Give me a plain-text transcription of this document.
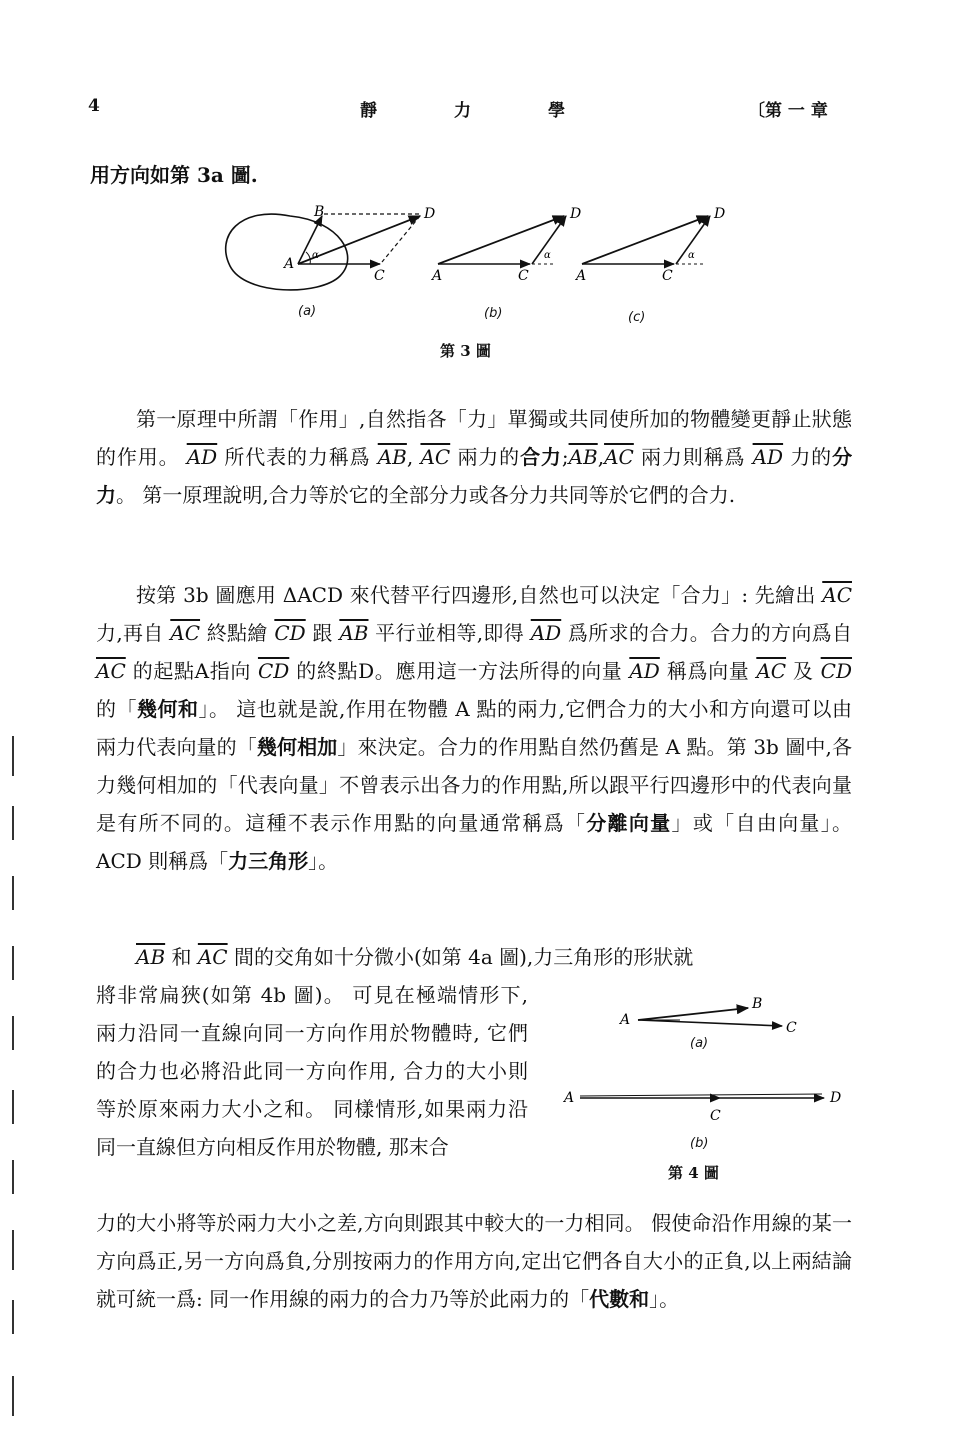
4	靜	力	學	〔第 一 章

用方向如第 3a 圖.

A
B
C
D
α
A	C
D
α
A	C
D
α
(a)	(b)	(c)
第 3 圖

第一原理中所謂「作用」,自然指各「力」單獨或共同使所加的物體變更靜止狀態的作用。 $\overline{AD}$ 所代表的力稱爲 $\overline{AB}$, $\overline{AC}$ 兩力的合力$;\overline{AB},\overline{AC}$ 兩力則稱爲 $\overline{AD}$ 力的分力。 第一原理說明,合力等於它的全部分力或各分力共同等於它們的合力.

按第 3b 圖應用 ΔACD 來代替平行四邊形,自然也可以決定「合力」: 先繪出 $\overline{AC}$ 力,再自 $\overline{AC}$ 終點繪 $\overline{CD}$ 跟 $\overline{AB}$ 平行並相等,即得 $\overline{AD}$ 爲所求的合力。合力的方向爲自 $\overline{AC}$ 的起點A指向 $\overline{CD}$ 的終點D。應用這一方法所得的向量 $\overline{AD}$ 稱爲向量 $\overline{AC}$ 及 $\overline{CD}$ 的「幾何和」。 這也就是說,作用在物體 A 點的兩力,它們合力的大小和方向還可以由兩力代表向量的「幾何相加」來決定。合力的作用點自然仍舊是 A 點。第 3b 圖中,各力幾何相加的「代表向量」不曾表示出各力的作用點,所以跟平行四邊形中的代表向量是有所不同的。這種不表示作用點的向量通常稱爲「分離向量」或「自由向量」。 ACD 則稱爲「力三角形」。

$\overline{AB}$ 和 $\overline{AC}$ 間的交角如十分微小(如第 4a 圖),力三角形的形狀就

將非常扁狹(如第 4b 圖)。 可見在極端情形下, 兩力沿同一直線向同一方向作用於物體時, 它們的合力也必將沿此同一方向作用, 合力的大小則等於原來兩力大小之和。 同樣情形,如果兩力沿同一直線但方向相反作用於物體, 那末合

A
B
C
A
C
D
(a)
(b)
第 4 圖

力的大小將等於兩力大小之差,方向則跟其中較大的一力相同。 假使命沿作用線的某一方向爲正,另一方向爲負,分別按兩力的作用方向,定出它們各自大小的正負,以上兩結論就可統一爲: 同一作用線的兩力的合力乃等於此兩力的「代數和」。
